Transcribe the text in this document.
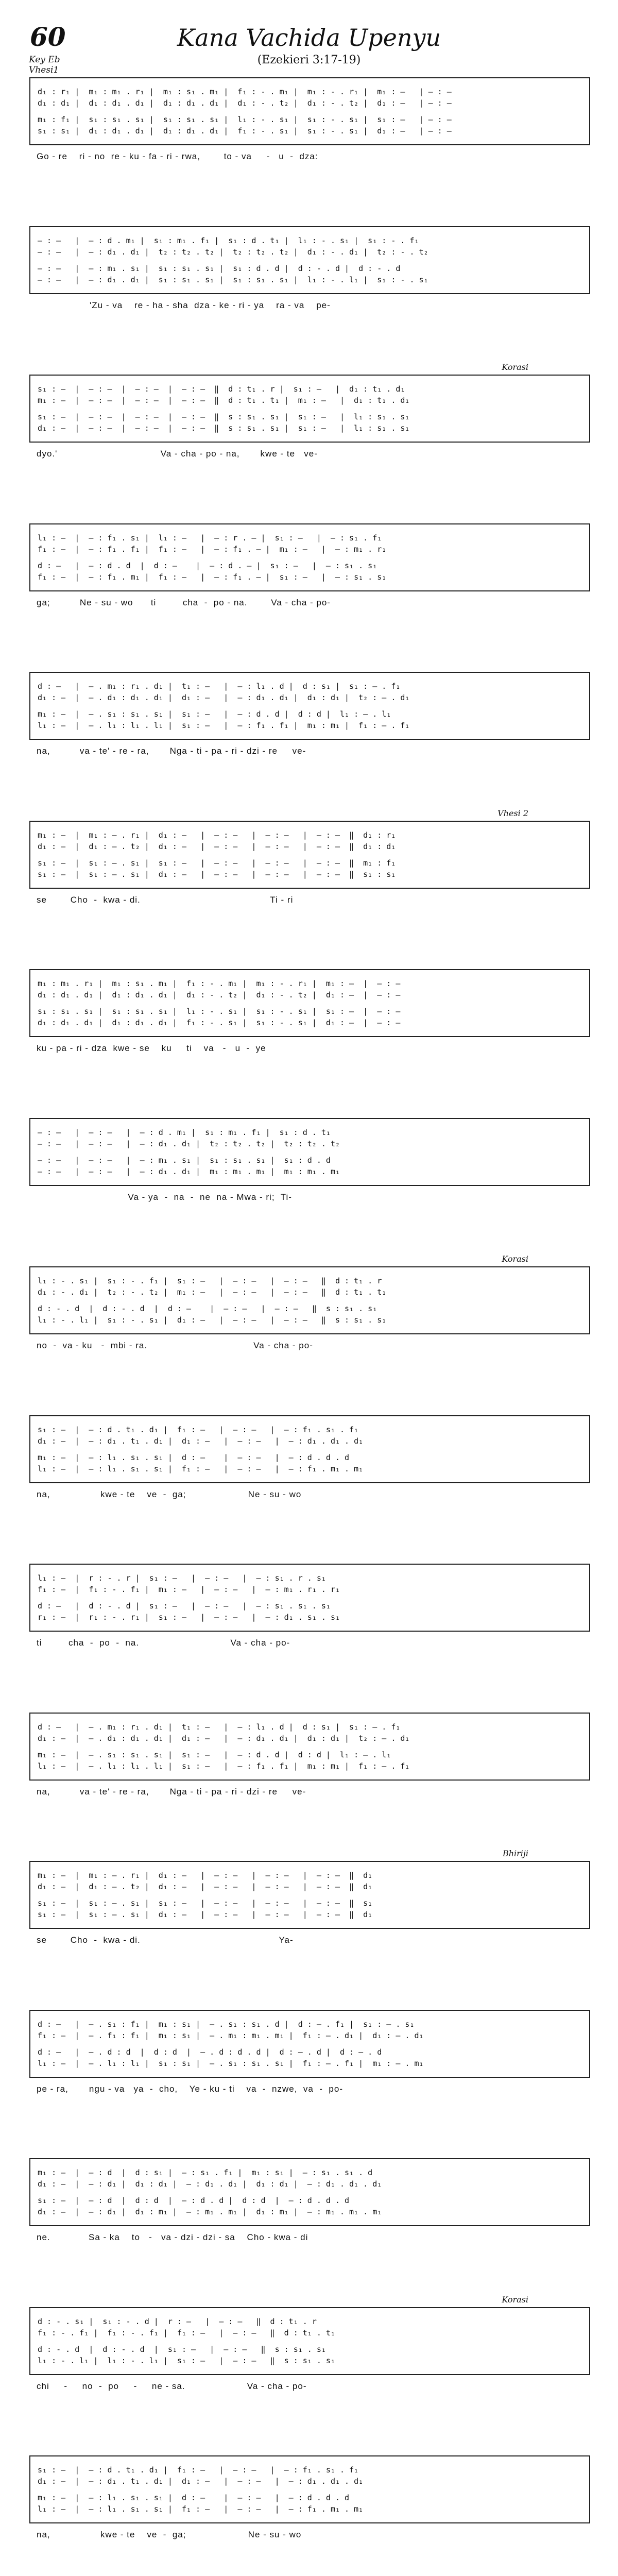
60	Kana Vachida Upenyu
(Ezekieri 3:17-19)
Key Eb
Vhesi1
d₁ : r₁ |  m₁ : m₁ . r₁ |  m₁ : s₁ . m₁ |  f₁ : - . m₁ |  m₁ : - . r₁ |  m₁ : —   | — : —
d₁ : d₁ |  d₁ : d₁ . d₁ |  d₁ : d₁ . d₁ |  d₁ : - . t₂ |  d₁ : - . t₂ |  d₁ : —   | — : —
m₁ : f₁ |  s₁ : s₁ . s₁ |  s₁ : s₁ . s₁ |  l₁ : - . s₁ |  s₁ : - . s₁ |  s₁ : —   | — : —
s₁ : s₁ |  d₁ : d₁ . d₁ |  d₁ : d₁ . d₁ |  f₁ : - . s₁ |  s₁ : - . s₁ |  d₁ : —   | — : —
Go - re    ri - no  re - ku - fa - ri - rwa,        to - va     -   u  -  dza:
— : —   |  — : d . m₁ |  s₁ : m₁ . f₁ |  s₁ : d . t₁ |  l₁ : - . s₁ |  s₁ : - . f₁
— : —   |  — : d₁ . d₁ |  t₂ : t₂ . t₂ |  t₂ : t₂ . t₂ |  d₁ : - . d₁ |  t₂ : - . t₂
— : —   |  — : m₁ . s₁ |  s₁ : s₁ . s₁ |  s₁ : d . d |  d : - . d |  d : - . d
— : —   |  — : d₁ . d₁ |  s₁ : s₁ . s₁ |  s₁ : s₁ . s₁ |  l₁ : - . l₁ |  s₁ : - . s₁
'Zu - va    re - ha - sha  dza - ke - ri - ya    ra - va    pe-
Korasi
s₁ : —  |  — : —  |  — : —  |  — : —  ‖  d : t₁ . r |  s₁ : —   |  d₁ : t₁ . d₁
m₁ : —  |  — : —  |  — : —  |  — : —  ‖  d : t₁ . t₁ |  m₁ : —   |  d₁ : t₁ . d₁
s₁ : —  |  — : —  |  — : —  |  — : —  ‖  s : s₁ . s₁ |  s₁ : —   |  l₁ : s₁ . s₁
d₁ : —  |  — : —  |  — : —  |  — : —  ‖  s : s₁ . s₁ |  s₁ : —   |  l₁ : s₁ . s₁
dyo.'                                   Va - cha - po - na,       kwe - te   ve-
l₁ : —  |  — : f₁ . s₁ |  l₁ : —   |  — : r . — |  s₁ : —   |  — : s₁ . f₁
f₁ : —  |  — : f₁ . f₁ |  f₁ : —   |  — : f₁ . — |  m₁ : —   |  — : m₁ . r₁
d : —   |  — : d . d  |  d : —    |  — : d . — |  s₁ : —   |  — : s₁ . s₁
f₁ : —  |  — : f₁ . m₁ |  f₁ : —   |  — : f₁ . — |  s₁ : —   |  — : s₁ . s₁
ga;          Ne - su - wo      ti         cha  -  po - na.        Va - cha - po-
d : —   |  — . m₁ : r₁ . d₁ |  t₁ : —   |  — : l₁ . d |  d : s₁ |  s₁ : — . f₁
d₁ : —  |  — . d₁ : d₁ . d₁ |  d₁ : —   |  — : d₁ . d₁ |  d₁ : d₁ |  t₂ : — . d₁
m₁ : —  |  — . s₁ : s₁ . s₁ |  s₁ : —   |  — : d . d |  d : d |  l₁ : — . l₁
l₁ : —  |  — . l₁ : l₁ . l₁ |  s₁ : —   |  — : f₁ . f₁ |  m₁ : m₁ |  f₁ : — . f₁
na,          va - te' - re - ra,       Nga - ti - pa - ri - dzi - re     ve-
Vhesi 2
m₁ : —  |  m₁ : — . r₁ |  d₁ : —   |  — : —   |  — : —   |  — : —  ‖  d₁ : r₁
d₁ : —  |  d₁ : — . t₂ |  d₁ : —   |  — : —   |  — : —   |  — : —  ‖  d₁ : d₁
s₁ : —  |  s₁ : — . s₁ |  s₁ : —   |  — : —   |  — : —   |  — : —  ‖  m₁ : f₁
s₁ : —  |  s₁ : — . s₁ |  d₁ : —   |  — : —   |  — : —   |  — : —  ‖  s₁ : s₁
se        Cho  -  kwa - di.                                            Ti - ri
m₁ : m₁ . r₁ |  m₁ : s₁ . m₁ |  f₁ : - . m₁ |  m₁ : - . r₁ |  m₁ : —  |  — : —
d₁ : d₁ . d₁ |  d₁ : d₁ . d₁ |  d₁ : - . t₂ |  d₁ : - . t₂ |  d₁ : —  |  — : —
s₁ : s₁ . s₁ |  s₁ : s₁ . s₁ |  l₁ : - . s₁ |  s₁ : - . s₁ |  s₁ : —  |  — : —
d₁ : d₁ . d₁ |  d₁ : d₁ . d₁ |  f₁ : - . s₁ |  s₁ : - . s₁ |  d₁ : —  |  — : —
ku - pa - ri - dza  kwe - se    ku     ti    va   -   u  -  ye
— : —   |  — : —   |  — : d . m₁ |  s₁ : m₁ . f₁ |  s₁ : d . t₁
— : —   |  — : —   |  — : d₁ . d₁ |  t₂ : t₂ . t₂ |  t₂ : t₂ . t₂
— : —   |  — : —   |  — : m₁ . s₁ |  s₁ : s₁ . s₁ |  s₁ : d . d
— : —   |  — : —   |  — : d₁ . d₁ |  m₁ : m₁ . m₁ |  m₁ : m₁ . m₁
Va - ya  -  na  -  ne  na - Mwa - ri;  Ti-
Korasi
l₁ : - . s₁ |  s₁ : - . f₁ |  s₁ : —   |  — : —   |  — : —   ‖  d : t₁ . r
d₁ : - . d₁ |  t₂ : - . t₂ |  m₁ : —   |  — : —   |  — : —   ‖  d : t₁ . t₁
d : - . d  |  d : - . d  |  d : —    |  — : —   |  — : —   ‖  s : s₁ . s₁
l₁ : - . l₁ |  s₁ : - . s₁ |  d₁ : —   |  — : —   |  — : —   ‖  s : s₁ . s₁
no  -  va - ku   -  mbi - ra.                                    Va - cha - po-
s₁ : —  |  — : d . t₁ . d₁ |  f₁ : —   |  — : —   |  — : f₁ . s₁ . f₁
d₁ : —  |  — : d₁ . t₁ . d₁ |  d₁ : —   |  — : —   |  — : d₁ . d₁ . d₁
m₁ : —  |  — : l₁ . s₁ . s₁ |  d : —    |  — : —   |  — : d . d . d
l₁ : —  |  — : l₁ . s₁ . s₁ |  f₁ : —   |  — : —   |  — : f₁ . m₁ . m₁
na,                 kwe - te    ve  -  ga;                     Ne - su - wo
l₁ : —  |  r : - . r |  s₁ : —   |  — : —   |  — : s₁ . r . s₁
f₁ : —  |  f₁ : - . f₁ |  m₁ : —   |  — : —   |  — : m₁ . r₁ . r₁
d : —   |  d : - . d |  s₁ : —   |  — : —   |  — : s₁ . s₁ . s₁
r₁ : —  |  r₁ : - . r₁ |  s₁ : —   |  — : —   |  — : d₁ . s₁ . s₁
ti         cha  -  po  -  na.                               Va - cha - po-
d : —   |  — . m₁ : r₁ . d₁ |  t₁ : —   |  — : l₁ . d |  d : s₁ |  s₁ : — . f₁
d₁ : —  |  — . d₁ : d₁ . d₁ |  d₁ : —   |  — : d₁ . d₁ |  d₁ : d₁ |  t₂ : — . d₁
m₁ : —  |  — . s₁ : s₁ . s₁ |  s₁ : —   |  — : d . d |  d : d |  l₁ : — . l₁
l₁ : —  |  — . l₁ : l₁ . l₁ |  s₁ : —   |  — : f₁ . f₁ |  m₁ : m₁ |  f₁ : — . f₁
na,          va - te' - re - ra,       Nga - ti - pa - ri - dzi - re     ve-
Bhiriji
m₁ : —  |  m₁ : — . r₁ |  d₁ : —   |  — : —   |  — : —   |  — : —  ‖  d₁
d₁ : —  |  d₁ : — . t₂ |  d₁ : —   |  — : —   |  — : —   |  — : —  ‖  d₁
s₁ : —  |  s₁ : — . s₁ |  s₁ : —   |  — : —   |  — : —   |  — : —  ‖  s₁
s₁ : —  |  s₁ : — . s₁ |  d₁ : —   |  — : —   |  — : —   |  — : —  ‖  d₁
se        Cho  -  kwa - di.                                               Ya-
d : —   |  — . s₁ : f₁ |  m₁ : s₁ |  — . s₁ : s₁ . d |  d : — . f₁ |  s₁ : — . s₁
f₁ : —  |  — . f₁ : f₁ |  m₁ : s₁ |  — . m₁ : m₁ . m₁ |  f₁ : — . d₁ |  d₁ : — . d₁
d : —   |  — . d : d  |  d : d  |  — . d : d . d |  d : — . d |  d : — . d
l₁ : —  |  — . l₁ : l₁ |  s₁ : s₁ |  — . s₁ : s₁ . s₁ |  f₁ : — . f₁ |  m₁ : — . m₁
pe - ra,       ngu - va   ya  -  cho,    Ye - ku - ti    va  -  nzwe,  va  -  po-
m₁ : —  |  — : d  |  d : s₁ |  — : s₁ . f₁ |  m₁ : s₁ |  — : s₁ . s₁ . d
d₁ : —  |  — : d₁ |  d₁ : d₁ |  — : d₁ . d₁ |  d₁ : d₁ |  — : d₁ . d₁ . d₁
s₁ : —  |  — : d  |  d : d  |  — : d . d |  d : d  |  — : d . d . d
d₁ : —  |  — : d₁ |  d₁ : m₁ |  — : m₁ . m₁ |  d₁ : m₁ |  — : m₁ . m₁ . m₁
ne.             Sa - ka    to   -   va - dzi - dzi - sa    Cho - kwa - di
Korasi
d : - . s₁ |  s₁ : - . d |  r : —   |  — : —   ‖  d : t₁ . r
f₁ : - . f₁ |  f₁ : - . f₁ |  f₁ : —   |  — : —   ‖  d : t₁ . t₁
d : - . d  |  d : - . d  |  s₁ : —   |  — : —   ‖  s : s₁ . s₁
l₁ : - . l₁ |  l₁ : - . l₁ |  s₁ : —   |  — : —   ‖  s : s₁ . s₁
chi     -     no  -  po     -     ne - sa.                     Va - cha - po-
s₁ : —  |  — : d . t₁ . d₁ |  f₁ : —   |  — : —   |  — : f₁ . s₁ . f₁
d₁ : —  |  — : d₁ . t₁ . d₁ |  d₁ : —   |  — : —   |  — : d₁ . d₁ . d₁
m₁ : —  |  — : l₁ . s₁ . s₁ |  d : —    |  — : —   |  — : d . d . d
l₁ : —  |  — : l₁ . s₁ . s₁ |  f₁ : —   |  — : —   |  — : f₁ . m₁ . m₁
na,                 kwe - te    ve  -  ga;                     Ne - su - wo
